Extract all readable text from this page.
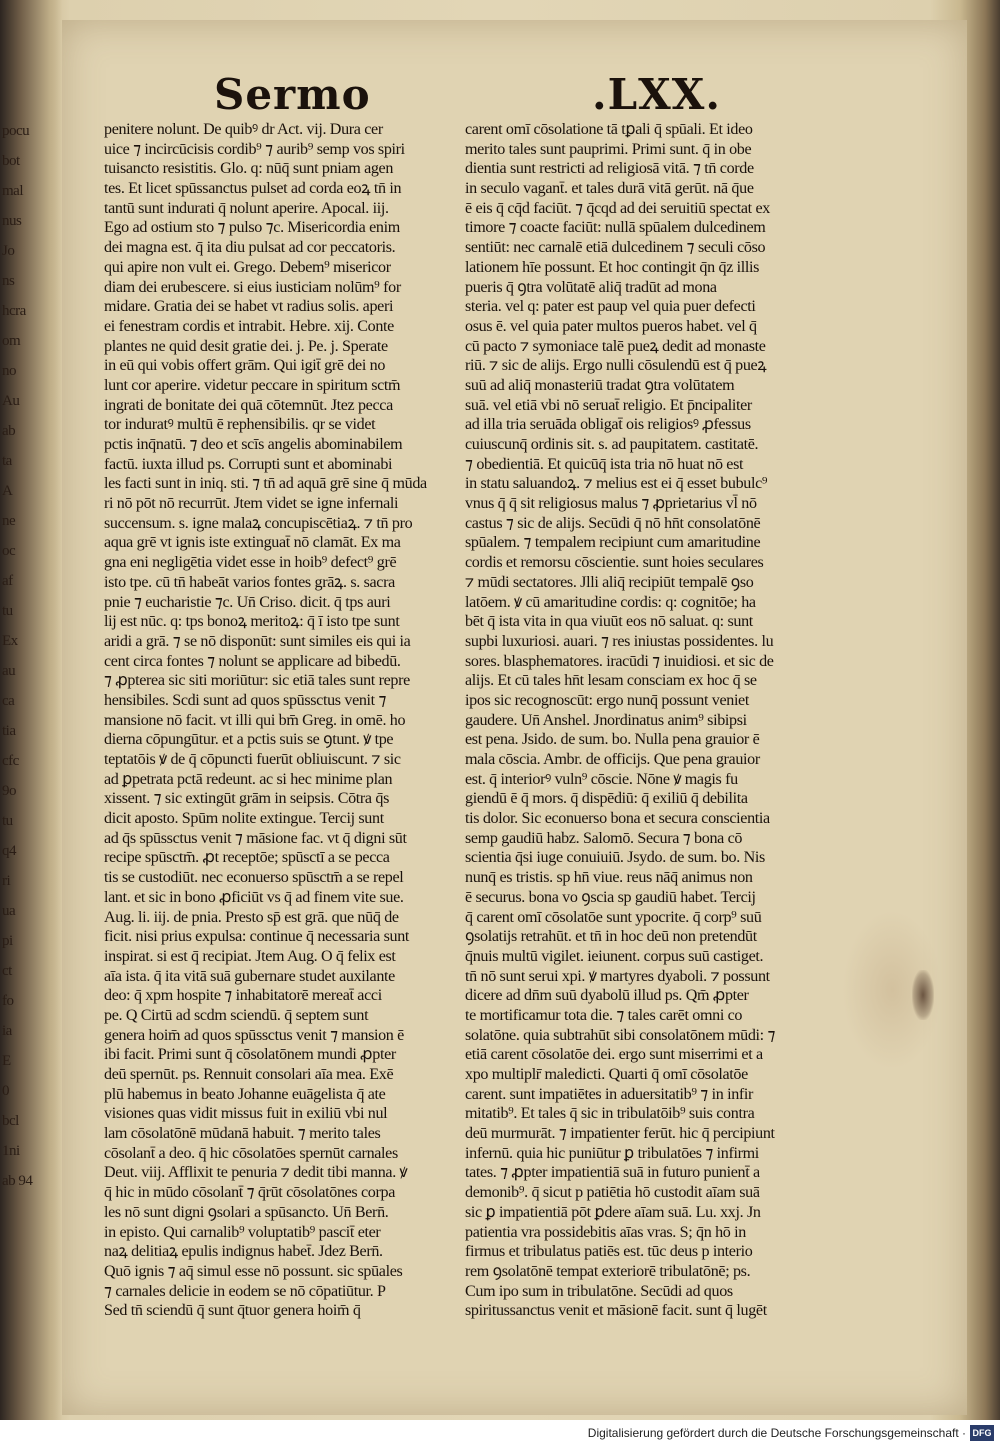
pocu
bot
mal
nus
Jo
ns
hcra
om
no
Au
ab
ta
A
ne
oc
af
tu
Ex
au
ca
tia
cfc
9o
tu
q4
ri
ua
pi
ct
fo
ia
E
0
bcl
1ni
ab 94
Sermo	.LXX.
penitere nolunt. De quibꝰ dr Act. vij. Dura cer
uice ⁊ incircūcisis cordib⁹ ⁊ aurib⁹ semp vos spiri
tuisancto resistitis. Glo. q: nūq̄ sunt pniam agen
tes. Et licet spūssanctus pulset ad corda eoꝝ tn̄ in
tantū sunt indurati q̄ nolunt aperire. Apocal. iij.
Ego ad ostium sto ⁊ pulso ⁊c. Misericordia enim
dei magna est. q̄ ita diu pulsat ad cor peccatoris.
qui apire non vult ei. Grego. Debem⁹ misericor
diam dei erubescere. si eius iusticiam nolūm⁹ for
midare. Gratia dei se habet vt radius solis. aperi
ei fenestram cordis et intrabit. Hebre. xij. Conte
plantes ne quid desit gratie dei. j. Pe. j. Sperate
in eū qui vobis offert grām. Qui igit̄ grē dei no
lunt cor aperire. videtur peccare in spiritum sctm̄
ingrati de bonitate dei quā cōtemnūt. Jtez pecca
tor induratꝰ multū ē rephensibilis. qr se videt
pctis inq̄natū. ⁊ deo et scīs angelis abominabilem
factū. iuxta illud ps. Corrupti sunt et abominabi
les facti sunt in iniq. sti. ⁊ tn̄ ad aquā grē sine q̄ mūda
ri nō pōt nō recurrūt. Jtem videt se igne infernali
succensum. s. igne malaꝝ concupiscētiaꝝ. ⁊ tn̄ pro
aqua grē vt ignis iste extinguat̄ nō clamāt. Ex ma
gna eni negligētia videt esse in hoib⁹ defect⁹ grē
isto tpe. cū tn̄ habeāt varios fontes grāꝝ. s. sacra
pnie ⁊ eucharistie ⁊c. Un̄ Criso. dicit. q̄ tps auri
lij est nūc. q: tps bonoꝝ meritoꝝ: q̄ ī isto tpe sunt
aridi a grā. ⁊ se nō disponūt: sunt similes eis qui ia
cent circa fontes ⁊ nolunt se applicare ad bibedū.
⁊ ꝓpterea sic siti moriūtur: sic etiā tales sunt repre
hensibiles. Scdi sunt ad quos spūssctus venit ⁊
mansione nō facit. vt illi qui bm̄ Greg. in omē. ho
dierna cōpungūtur. et a pctis suis se ꝯtunt. ꝟ tpe
teptatōis ꝟ de q̄ cōpuncti fuerūt obliuiscunt. ⁊ sic
ad ꝑpetrata pctā redeunt. ac si hec minime plan
xissent. ⁊ sic extingūt grām in seipsis. Cōtra q̄s
dicit aposto. Spūm nolite extingue. Tercij sunt
ad q̄s spūssctus venit ⁊ māsione fac. vt q̄ digni sūt
recipe spūsctm̄. ꝓt receptōe; spūsctī a se pecca
tis se custodiūt. nec econuerso spūsctm̄ a se repel
lant. et sic in bono ꝓficiūt vs q̄ ad finem vite sue.
Aug. li. iij. de pnia. Presto sp̄ est grā. que nūq̄ de
ficit. nisi prius expulsa: continue q̄ necessaria sunt
inspirat. si est q̄ recipiat. Jtem Aug. O q̄ felix est
aīa ista. q̄ ita vitā suā gubernare studet auxilante
deo: q̄ xpm hospite ⁊ inhabitatorē mereat̄ acci
pe. Q Cirtū ad scdm sciendū. q̄ septem sunt
genera hoim̄ ad quos spūssctus venit ⁊ mansion ē
ibi facit. Primi sunt q̄ cōsolatōnem mundi ꝓpter
deū spernūt. ps. Rennuit consolari aīa mea. Exē
plū habemus in beato Johanne euāgelista q̄ ate
visiones quas vidit missus fuit in exiliū vbi nul
lam cōsolatōnē mūdanā habuit. ⁊ merito tales
cōsolant̄ a deo. q̄ hic cōsolatōes spernūt carnales
Deut. viij. Afflixit te penuria ⁊ dedit tibi manna. ꝟ
q̄ hic in mūdo cōsolant̄ ⁊ q̄rūt cōsolatōnes corpa
les nō sunt digni ꝯsolari a spūsancto. Un̄ Bern̄.
in episto. Qui carnalib⁹ voluptatib⁹ pascit̄ eter
naꝝ delitiaꝝ epulis indignus habet̄. Jdez Bern̄.
Quō ignis ⁊ aq̄ simul esse nō possunt. sic spūales
⁊ carnales delicie in eodem se nō cōpatiūtur. P
Sed tn̄ sciendū q̄ sunt q̄tuor genera hoim̄ q̄
carent omī cōsolatione tā tꝑali q̄ spūali. Et ideo
merito tales sunt pauprimi. Primi sunt. q̄ in obe
dientia sunt restricti ad religiosā vitā. ⁊ tn̄ corde
in seculo vagant̄. et tales durā vitā gerūt. nā q̄ue
ē eis q̄ cq̄d faciūt. ⁊ q̄cqd ad dei seruitiū spectat ex
timore ⁊ coacte faciūt: nullā spūalem dulcedinem
sentiūt: nec carnalē etiā dulcedinem ⁊ seculi cōso
lationem hīe possunt. Et hoc contingit q̄n q̄z illis
pueris q̄ ꝯtra volūtatē aliq̄ tradūt ad mona
steria. vel q: pater est paup vel quia puer defecti
osus ē. vel quia pater multos pueros habet. vel q̄
cū pacto ⁊ symoniace talē pueꝝ dedit ad monaste
riū. ⁊ sic de alijs. Ergo nulli cōsulendū est q̄ pueꝝ
suū ad aliq̄ monasteriū tradat ꝯtra volūtatem
suā. vel etiā vbi nō seruat̄ religio. Et p̄ncipaliter
ad illa tria seruāda obligat̄ ois religiosꝰ ꝓfessus
cuiuscunq̄ ordinis sit. s. ad paupitatem. castitatē.
⁊ obedientiā. Et quicūq̄ ista tria nō huat nō est
in statu saluandoꝝ. ⁊ melius est ei q̄ esset bubulc⁹
vnus q̄ q̄ sit religiosus malus ⁊ ꝓprietarius vl̄ nō
castus ⁊ sic de alijs. Secūdi q̄ nō hn̄t consolatōnē
spūalem. ⁊ tempalem recipiunt cum amaritudine
cordis et remorsu cōscientie. sunt hoies seculares
⁊ mūdi sectatores. Jlli aliq̄ recipiūt tempalē ꝯso
latōem. ꝟ cū amaritudine cordis: q: cognitōe; ha
bēt q̄ ista vita in qua viuūt eos nō saluat. q: sunt
supbi luxuriosi. auari. ⁊ res iniustas possidentes. lu
sores. blasphematores. iracūdi ⁊ inuidiosi. et sic de
alijs. Et cū tales hn̄t lesam consciam ex hoc q̄ se
ipos sic recognoscūt: ergo nunq̄ possunt veniet
gaudere. Un̄ Anshel. Jnordinatus anim⁹ sibipsi
est pena. Jsido. de sum. bo. Nulla pena grauior ē
mala cōscia. Ambr. de officijs. Que pena grauior
est. q̄ interiorꝰ vuln⁹ cōscie. Nōne ꝟ magis fu
giendū ē q̄ mors. q̄ dispēdiū: q̄ exiliū q̄ debilita
tis dolor. Sic econuerso bona et secura conscientia
semp gaudiū habz. Salomō. Secura ⁊ bona cō
scientia q̄si iuge conuiuiū. Jsydo. de sum. bo. Nis
nunq̄ es tristis. sp hn̄ viue. reus nāq̄ animus non
ē securus. bona vo ꝯscia sp gaudiū habet. Tercij
q̄ carent omī cōsolatōe sunt ypocrite. q̄ corp⁹ suū
ꝯsolatijs retrahūt. et tn̄ in hoc deū non pretendūt
q̄nuis multū vigilet. ieiunent. corpus suū castiget.
tn̄ nō sunt serui xpi. ꝟ martyres dyaboli. ⁊ possunt
dicere ad dn̄m suū dyabolū illud ps. Qm̄ ꝓpter
te mortificamur tota die. ⁊ tales carēt omni co
solatōne. quia subtrahūt sibi consolatōnem mūdi: ⁊
etiā carent cōsolatōe dei. ergo sunt miserrimi et a
xpo multiplr̄ maledicti. Quarti q̄ omī cōsolatōe
carent. sunt impatiētes in aduersitatib⁹ ⁊ in infir
mitatib⁹. Et tales q̄ sic in tribulatōib⁹ suis contra
deū murmurāt. ⁊ impatienter ferūt. hic q̄ percipiunt
infernū. quia hic puniūtur ꝑ tribulatōes ⁊ infirmi
tates. ⁊ ꝓpter impatientiā suā in futuro punient̄ a
demonib⁹. q̄ sicut p patiētia hō custodit aīam suā
sic ꝑ impatientiā pōt ꝑdere aīam suā. Lu. xxj. Jn
patientia vra possidebitis aīas vras. S; q̄n hō in
firmus et tribulatus patiēs est. tūc deus p interio
rem ꝯsolatōnē tempat exteriorē tribulatōnē; ps.
Cum ipo sum in tribulatōne. Secūdi ad quos
spiritussanctus venit et māsionē facit. sunt q̄ lugēt
Digitalisierung gefördert durch die Deutsche Forschungsgemeinschaft · DFG
